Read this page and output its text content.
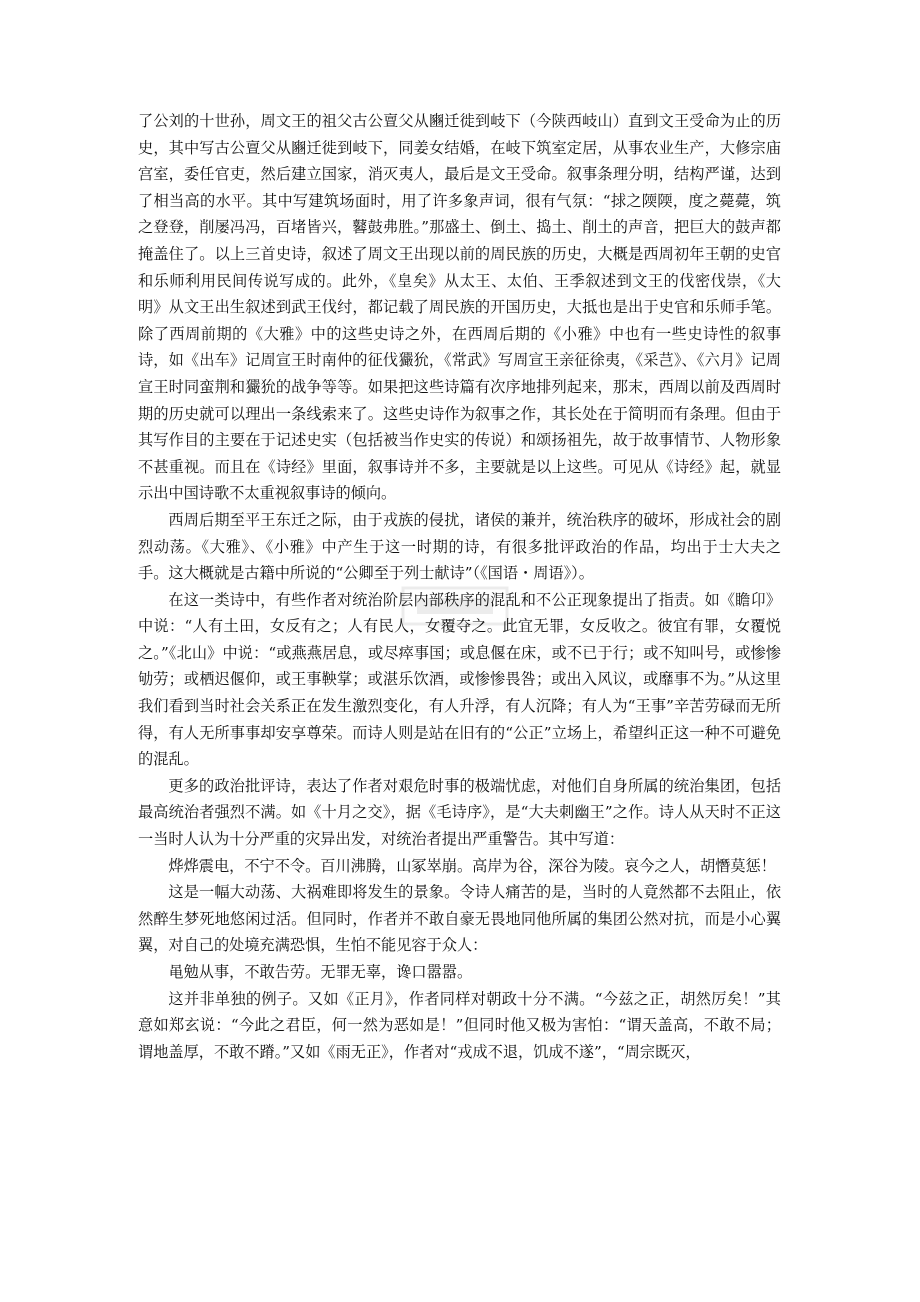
了公刘的十世孙，周文王的祖父古公亶父从豳迁徙到岐下（今陕西岐山）直到文王受命为止的历史，其中写古公亶父从豳迁徙到岐下，同姜女结婚，在岐下筑室定居，从事农业生产，大修宗庙宫室，委任官吏，然后建立国家，消灭夷人，最后是文王受命。叙事条理分明，结构严谨，达到了相当高的水平。其中写建筑场面时，用了许多象声词，很有气氛：“捄之陾陾，度之薨薨，筑之登登，削屡冯冯，百堵皆兴，鼛鼓弗胜。”那盛土、倒土、捣土、削土的声音，把巨大的鼓声都掩盖住了。以上三首史诗，叙述了周文王出现以前的周民族的历史，大概是西周初年王朝的史官和乐师利用民间传说写成的。此外，《皇矣》从太王、太伯、王季叙述到文王的伐密伐崇，《大明》从文王出生叙述到武王伐纣，都记载了周民族的开国历史，大抵也是出于史官和乐师手笔。除了西周前期的《大雅》中的这些史诗之外，在西周后期的《小雅》中也有一些史诗性的叙事诗，如《出车》记周宣王时南仲的征伐玁狁，《常武》写周宣王亲征徐夷，《采芑》、《六月》记周宣王时同蛮荆和玁狁的战争等等。如果把这些诗篇有次序地排列起来，那末，西周以前及西周时期的历史就可以理出一条线索来了。这些史诗作为叙事之作，其长处在于简明而有条理。但由于其写作目的主要在于记述史实（包括被当作史实的传说）和颂扬祖先，故于故事情节、人物形象不甚重视。而且在《诗经》里面，叙事诗并不多，主要就是以上这些。可见从《诗经》起，就显示出中国诗歌不太重视叙事诗的倾向。

西周后期至平王东迁之际，由于戎族的侵扰，诸侯的兼并，统治秩序的破坏，形成社会的剧烈动荡。《大雅》、《小雅》中产生于这一时期的诗，有很多批评政治的作品，均出于士大夫之手。这大概就是古籍中所说的“公卿至于列士献诗”（《国语・周语》）。

在这一类诗中，有些作者对统治阶层内部秩序的混乱和不公正现象提出了指责。如《瞻卬》中说：“人有土田，女反有之；人有民人，女覆夺之。此宜无罪，女反收之。彼宜有罪，女覆悦之。”《北山》中说：“或燕燕居息，或尽瘁事国；或息偃在床，或不已于行；或不知叫号，或惨惨劬劳；或栖迟偃仰，或王事鞅掌；或湛乐饮酒，或惨惨畏咎；或出入风议，或靡事不为。”从这里我们看到当时社会关系正在发生激烈变化，有人升浮，有人沉降；有人为“王事”辛苦劳碌而无所得，有人无所事事却安享尊荣。而诗人则是站在旧有的“公正”立场上，希望纠正这一种不可避免的混乱。

更多的政治批评诗，表达了作者对艰危时事的极端忧虑，对他们自身所属的统治集团，包括最高统治者强烈不满。如《十月之交》，据《毛诗序》，是“大夫刺幽王”之作。诗人从天时不正这一当时人认为十分严重的灾异出发，对统治者提出严重警告。其中写道：

烨烨震电，不宁不令。百川沸腾，山冢崒崩。高岸为谷，深谷为陵。哀今之人，胡憯莫惩！

这是一幅大动荡、大祸难即将发生的景象。令诗人痛苦的是，当时的人竟然都不去阻止，依然醉生梦死地悠闲过活。但同时，作者并不敢自豪无畏地同他所属的集团公然对抗，而是小心翼翼，对自己的处境充满恐惧，生怕不能见容于众人：

黾勉从事，不敢告劳。无罪无辜，谗口嚣嚣。

这并非单独的例子。又如《正月》，作者同样对朝政十分不满。“今兹之正，胡然厉矣！”其意如郑玄说：“今此之君臣，何一然为恶如是！”但同时他又极为害怕：“谓天盖高，不敢不局；谓地盖厚，不敢不蹐。”又如《雨无正》，作者对“戎成不退，饥成不遂”，“周宗既灭，
